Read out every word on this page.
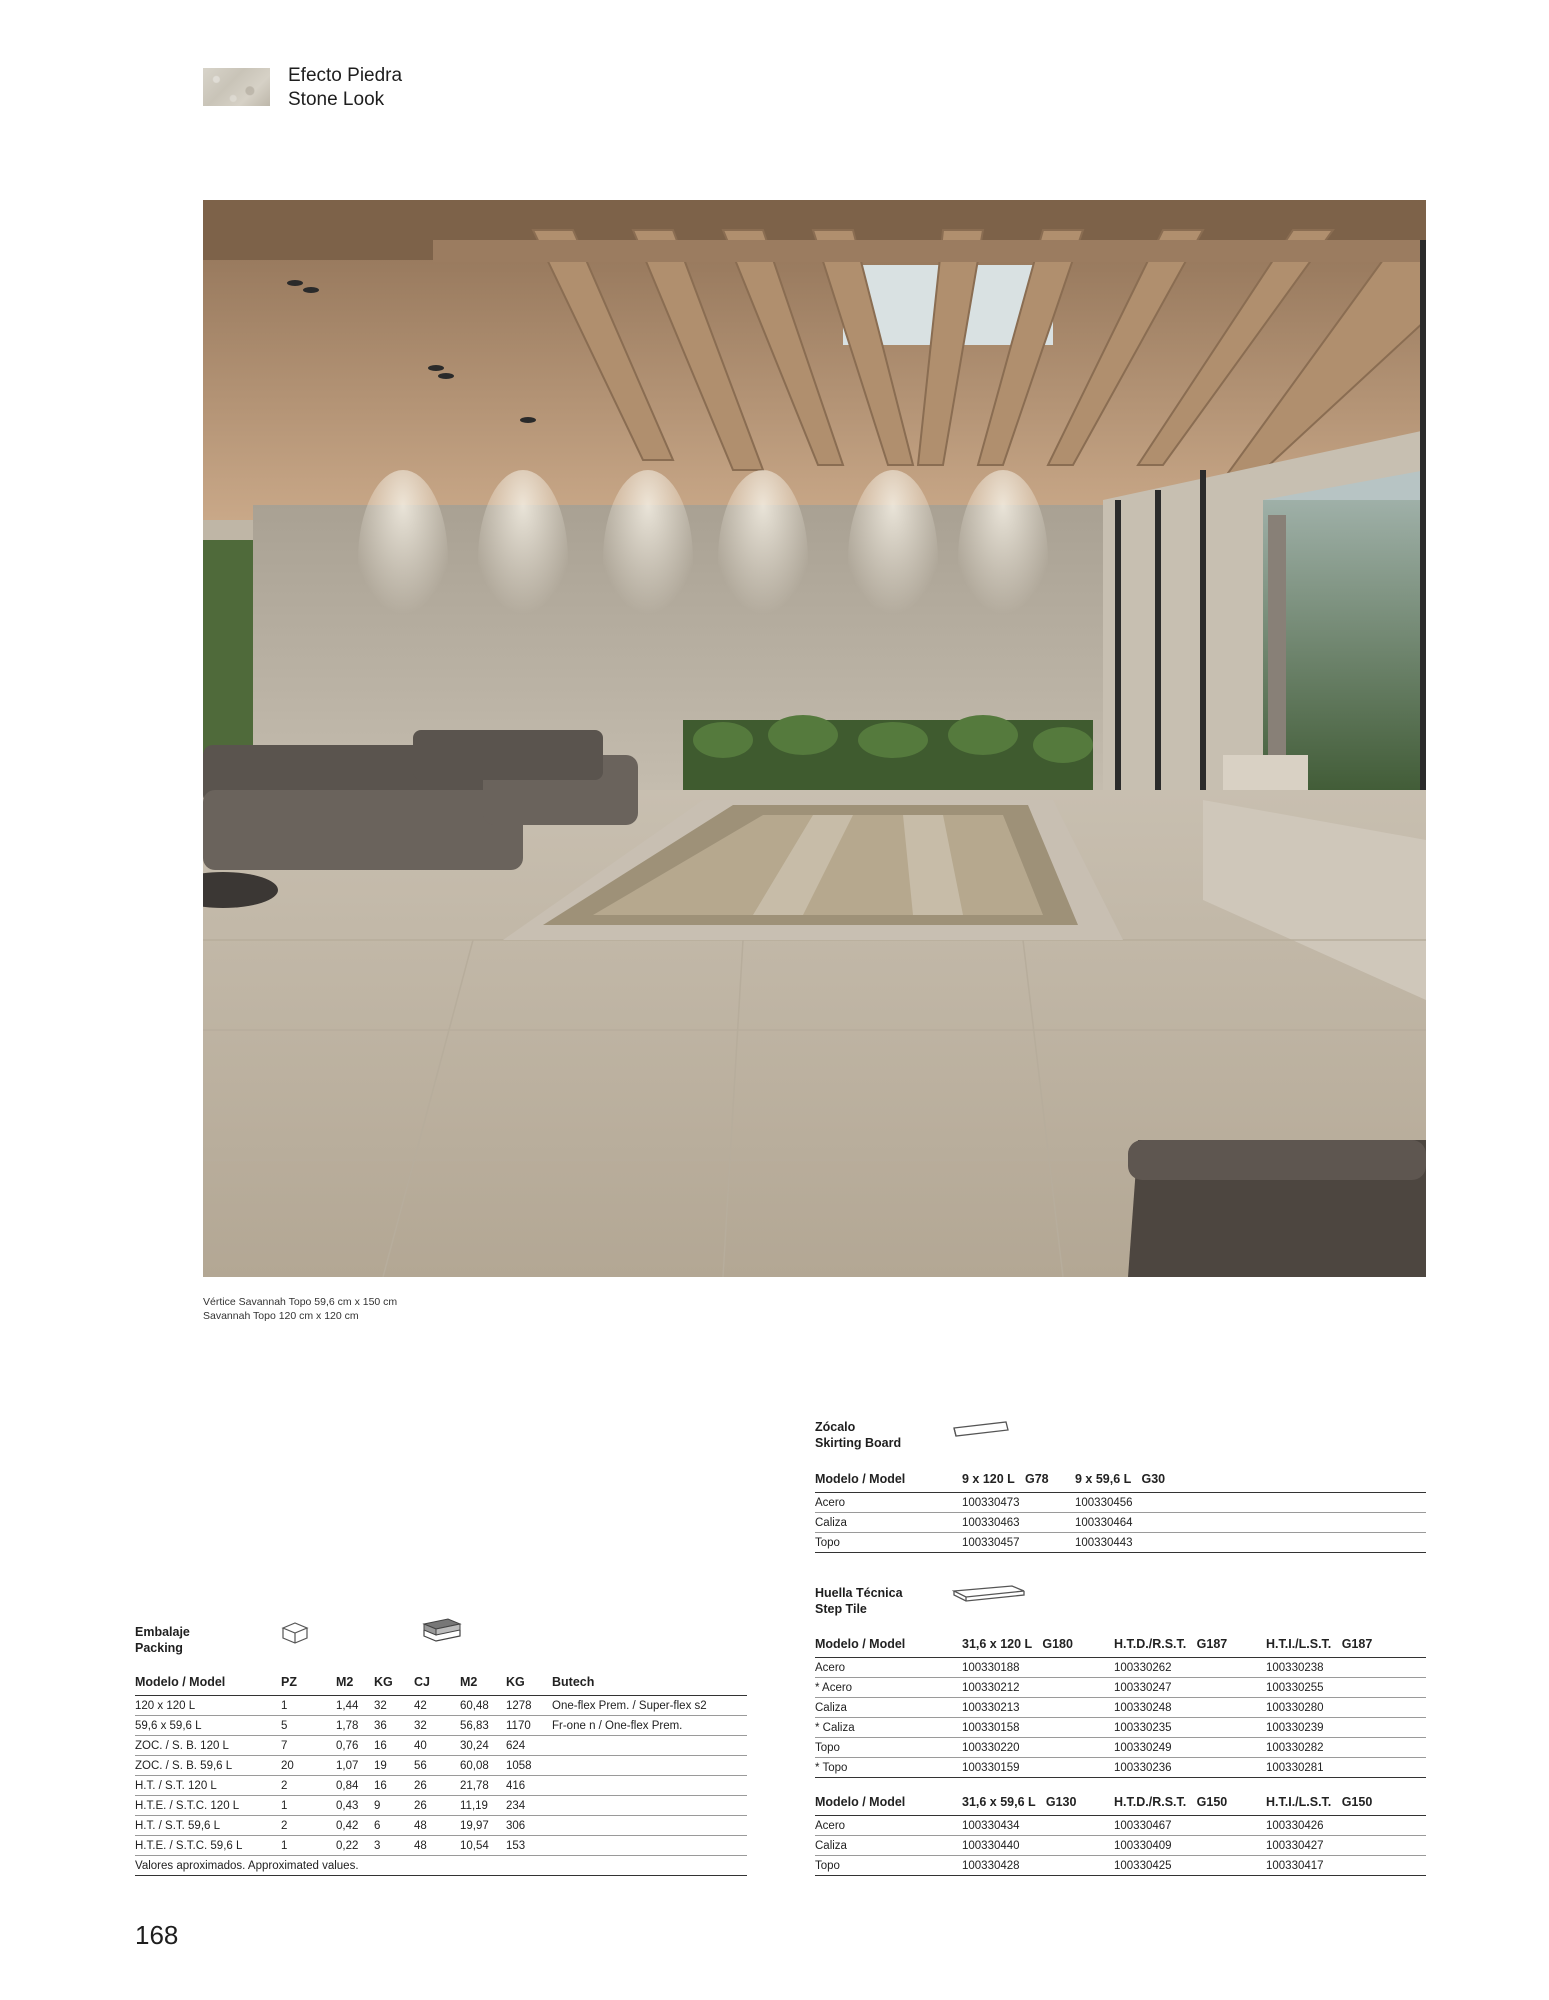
Efecto Piedra
Stone Look
Vértice Savannah Topo 59,6 cm x 150 cm
Savannah Topo 120 cm x 120 cm
Zócalo
Skirting Board
Modelo / Model	9 x 120 L   G78	9 x 59,6 L   G30
Acero	100330473	100330456
Caliza	100330463	100330464
Topo	100330457	100330443
Huella Técnica
Step Tile
Modelo / Model	31,6 x 120 L   G180	H.T.D./R.S.T.   G187	H.T.I./L.S.T.   G187
Acero	100330188	100330262	100330238
* Acero	100330212	100330247	100330255
Caliza	100330213	100330248	100330280
* Caliza	100330158	100330235	100330239
Topo	100330220	100330249	100330282
* Topo	100330159	100330236	100330281
Modelo / Model	31,6 x 59,6 L   G130	H.T.D./R.S.T.   G150	H.T.I./L.S.T.   G150
Acero	100330434	100330467	100330426
Caliza	100330440	100330409	100330427
Topo	100330428	100330425	100330417
Embalaje
Packing
Modelo / Model	PZ	M2	KG	CJ	M2	KG	Butech
120 x 120 L	1	1,44	32	42	60,48	1278	One-flex Prem. / Super-flex s2
59,6 x 59,6 L	5	1,78	36	32	56,83	1170	Fr-one n / One-flex Prem.
ZOC. / S. B. 120 L	7	0,76	16	40	30,24	624	
ZOC. / S. B. 59,6 L	20	1,07	19	56	60,08	1058	
H.T. / S.T. 120 L	2	0,84	16	26	21,78	416	
H.T.E. / S.T.C. 120 L	1	0,43	9	26	11,19	234	
H.T. / S.T. 59,6 L	2	0,42	6	48	19,97	306	
H.T.E. / S.T.C. 59,6 L	1	0,22	3	48	10,54	153	
Valores aproximados. Approximated values.							
168
